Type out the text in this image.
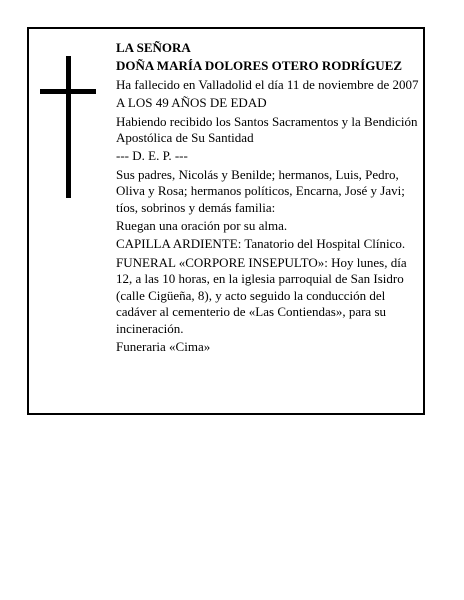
LA SEÑORA

DOÑA MARÍA DOLORES OTERO RODRÍGUEZ

Ha fallecido en Valladolid el día 11 de noviembre de 2007

A LOS 49 AÑOS DE EDAD

Habiendo recibido los Santos Sacramentos y la Bendición Apostólica de Su Santidad

--- D. E. P. ---

Sus padres, Nicolás y Benilde; hermanos, Luis, Pedro, Oliva y Rosa; hermanos políticos, Encarna, José y Javi; tíos, sobrinos y demás familia:

Ruegan una oración por su alma.

CAPILLA ARDIENTE: Tanatorio del Hospital Clínico.

FUNERAL «CORPORE INSEPULTO»: Hoy lunes, día 12, a las 10 horas, en la iglesia parroquial de San Isidro (calle Cigüeña, 8), y acto seguido la conducción del cadáver al cementerio de «Las Contiendas», para su incineración.

Funeraria «Cima»
